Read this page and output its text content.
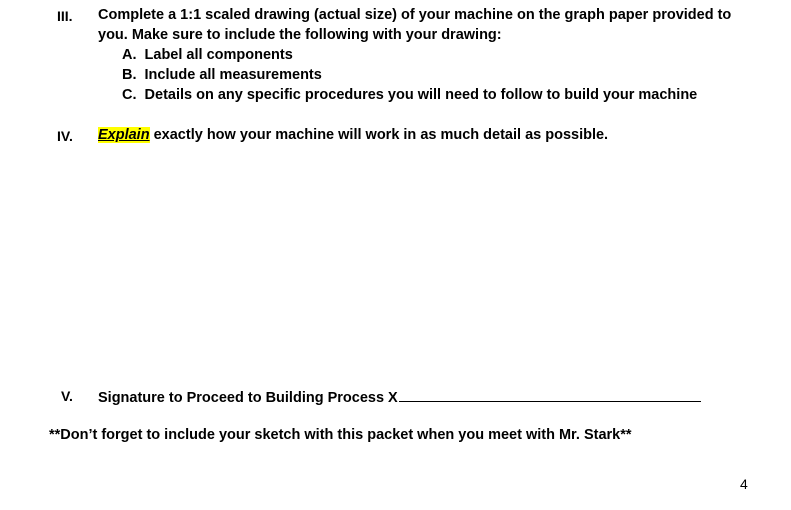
III. Complete a 1:1 scaled drawing (actual size) of your machine on the graph paper provided to
you. Make sure to include the following with your drawing:
A. Label all components
B. Include all measurements
C. Details on any specific procedures you will need to follow to build your machine
IV. Explain exactly how your machine will work in as much detail as possible.
V. Signature to Proceed to Building Process X
**Don’t forget to include your sketch with this packet when you meet with Mr. Stark**
4
